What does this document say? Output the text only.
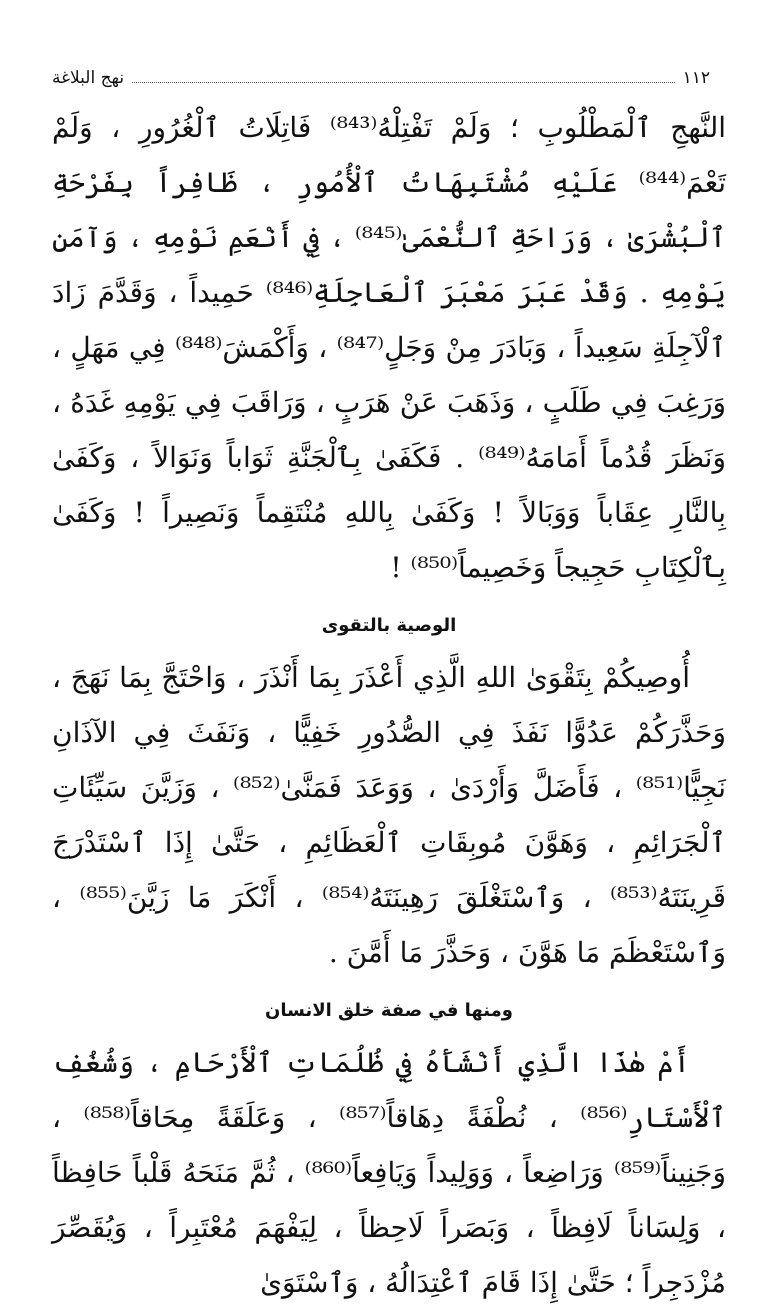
١١٢
نهج البلاغة

النَّهجِ ٱلْمَطْلُوبِ ؛ وَلَمْ تَفْتِلْهُ⁽⁸⁴³⁾ فَاتِلَاتُ ٱلْغُرُورِ ، وَلَمْ تَعْمَ⁽⁸⁴⁴⁾ عَلَيْهِ مُشْتَبِهَاتُ ٱلْأُمُورِ ، ظَافِراً بِفَرْحَةِ ٱلْبُشْرَىٰ ، وَرَاحَةِ ٱلنُّعْمَىٰ⁽⁸⁴⁵⁾ ، فِي أَنْعَمِ نَوْمِهِ ، وَآمَنِ يَوْمِهِ . وَقَدْ عَبَرَ مَعْبَرَ ٱلْعَاجِلَةِ⁽⁸⁴⁶⁾ حَمِيداً ، وَقَدَّمَ زَادَ ٱلْآجِلَةِ سَعِيداً ، وَبَادَرَ مِنْ وَجَلٍ⁽⁸⁴⁷⁾ ، وَأَكْمَشَ⁽⁸⁴⁸⁾ فِي مَهَلٍ ، وَرَغِبَ فِي طَلَبٍ ، وَذَهَبَ عَنْ هَرَبٍ ، وَرَاقَبَ فِي يَوْمِهِ غَدَهُ ، وَنَظَرَ قُدُماً أَمَامَهُ⁽⁸⁴⁹⁾ . فَكَفَىٰ بِٱلْجَنَّةِ ثَوَاباً وَنَوَالاً ، وَكَفَىٰ بِالنَّارِ عِقَاباً وَوَبَالاً ! وَكَفَىٰ بِاللهِ مُنْتَقِماً وَنَصِيراً ! وَكَفَىٰ بِٱلْكِتَابِ حَجِيجاً وَخَصِيماً⁽⁸⁵⁰⁾ !

الوصية بالتقوى

أُوصِيكُمْ بِتَقْوَىٰ اللهِ الَّذِي أَعْذَرَ بِمَا أَنْذَرَ ، وَاحْتَجَّ بِمَا نَهَجَ ، وَحَذَّرَكُمْ عَدُوًّا نَفَذَ فِي الصُّدُورِ خَفِيًّا ، وَنَفَثَ فِي الآذَانِ نَجِيًّا⁽⁸⁵¹⁾ ، فَأَضَلَّ وَأَرْدَىٰ ، وَوَعَدَ فَمَنَّىٰ⁽⁸⁵²⁾ ، وَزَيَّنَ سَيِّئَاتِ ٱلْجَرَائِمِ ، وَهَوَّنَ مُوبِقَاتِ ٱلْعَظَائِمِ ، حَتَّىٰ إِذَا ٱسْتَدْرَجَ قَرِينَتَهُ⁽⁸⁵³⁾ ، وَٱسْتَغْلَقَ رَهِينَتَهُ⁽⁸⁵⁴⁾ ، أَنْكَرَ مَا زَيَّنَ⁽⁸⁵⁵⁾ ، وَٱسْتَعْظَمَ مَا هَوَّنَ ، وَحَذَّرَ مَا أَمَّنَ .

ومنها في صفة خلق الانسان

أَمْ هٰذَا الَّذِي أَنْشَأَهُ فِي ظُلُمَاتِ ٱلْأَرْحَامِ ، وَشُغُفِ ٱلْأَسْتَارِ⁽⁸⁵⁶⁾ ، نُطْفَةً دِهَاقاً⁽⁸⁵⁷⁾ ، وَعَلَقَةً مِحَاقاً⁽⁸⁵⁸⁾ ، وَجَنِيناً⁽⁸⁵⁹⁾ وَرَاضِعاً ، وَوَلِيداً وَيَافِعاً⁽⁸⁶⁰⁾ ، ثُمَّ مَنَحَهُ قَلْباً حَافِظاً ، وَلِسَاناً لَافِظاً ، وَبَصَراً لَاحِظاً ، لِيَفْهَمَ مُعْتَبِراً ، وَيُقَصِّرَ مُزْدَجِراً ؛ حَتَّىٰ إِذَا قَامَ ٱعْتِدَالُهُ ، وَٱسْتَوَىٰ
